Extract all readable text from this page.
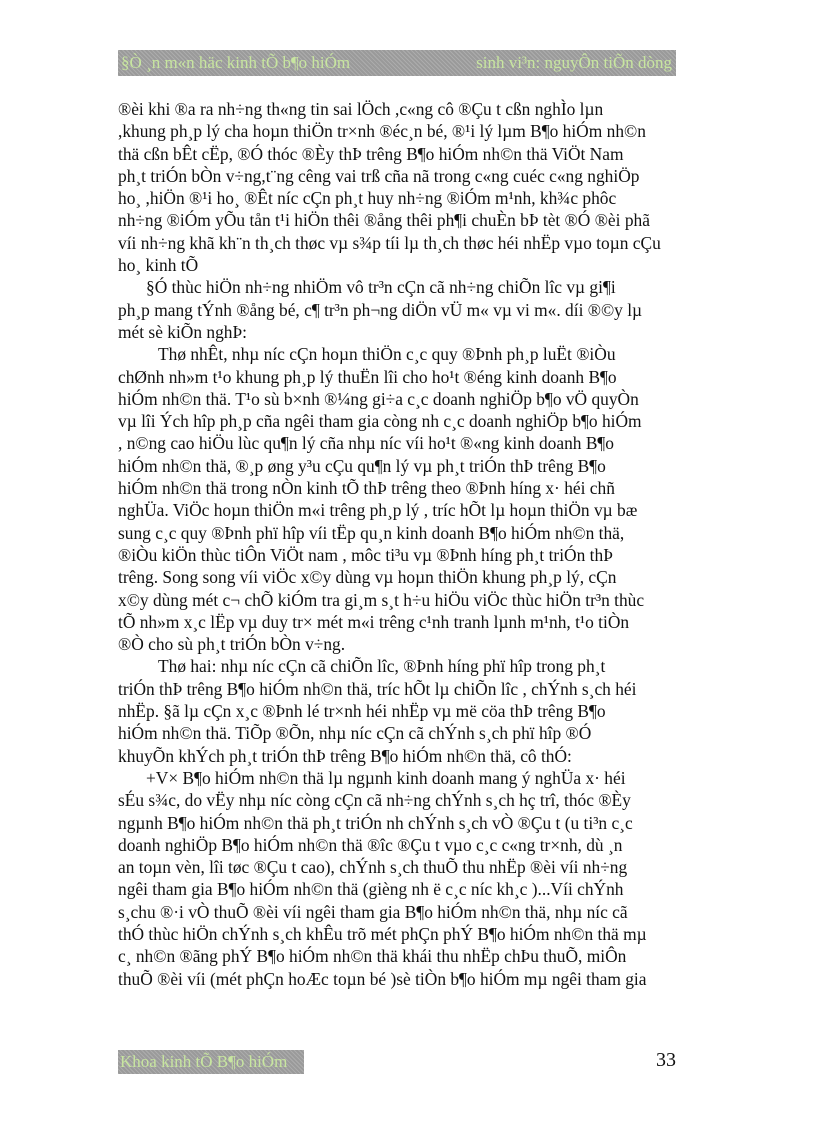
§Ò ¸n m«n häc kinh tÕ b¶o hiÓm	sinh vi³n: nguyÔn tiÕn dòng

®èi khi ®a ra nh÷ng th«ng tin sai lÖch ,c«ng cô ®Çu t cßn nghÌo lµn
,khung ph¸p lý cha hoµn thiÖn tr×nh ®éc¸n bé, ®¹i lý lµm B¶o hiÓm nh©n
thä cßn bÊt cËp, ®Ó thóc ®Èy thÞ trêng B¶o hiÓm nh©n thä ViÖt Nam
ph¸t triÓn bÒn v÷ng,t¨ng cêng vai trß cña nã trong c«ng cuéc c«ng nghiÖp
ho¸ ,hiÖn ®¹i ho¸ ®Êt níc cÇn ph¸t huy nh÷ng ®iÓm m¹nh, kh¾c phôc
nh÷ng ®iÓm yÕu tån t¹i hiÖn thêi ®ång thêi ph¶i chuÈn bÞ tèt ®Ó ®èi phã
víi nh÷ng khã kh¨n th¸ch thøc vµ s¾p tíi lµ th¸ch thøc héi nhËp vµo toµn cÇu
ho¸ kinh tÕ

§Ó thùc hiÖn nh÷ng nhiÖm vô tr³n cÇn cã nh÷ng chiÕn lîc vµ gi¶i
ph¸p mang tÝnh ®ång bé, c¶ tr³n ph¬ng diÖn vÜ m« vµ vi m«. díi ®©y lµ
mét sè kiÕn nghÞ:

Thø nhÊt, nhµ níc cÇn hoµn thiÖn c¸c quy ®Þnh ph¸p luËt ®iÒu
chØnh nh»m t¹o khung ph¸p lý thuËn lîi cho ho¹t ®éng kinh doanh B¶o
hiÓm nh©n thä. T¹o sù b×nh ®¼ng gi÷a c¸c doanh nghiÖp b¶o vÖ quyÒn
vµ lîi Ých hîp ph¸p cña ngêi tham gia còng nh c¸c doanh nghiÖp b¶o hiÓm
, n©ng cao hiÖu lùc qu¶n lý cña nhµ níc víi ho¹t ®«ng kinh doanh B¶o
hiÓm nh©n thä, ®¸p øng y³u cÇu qu¶n lý vµ ph¸t triÓn thÞ trêng B¶o
hiÓm nh©n thä trong nÒn kinh tÕ thÞ trêng theo ®Þnh híng x· héi chñ
nghÜa. ViÖc hoµn thiÖn m«i trêng ph¸p lý , tríc hÕt lµ hoµn thiÖn vµ bæ
sung c¸c quy ®Þnh phï hîp víi tËp qu¸n kinh doanh B¶o hiÓm nh©n thä,
®iÒu kiÖn thùc tiÔn ViÖt nam , môc ti³u vµ ®Þnh híng ph¸t triÓn thÞ
trêng. Song song víi viÖc x©y dùng vµ hoµn thiÖn khung ph¸p lý, cÇn
x©y dùng mét c¬ chÕ kiÓm tra gi¸m s¸t h÷u hiÖu viÖc thùc hiÖn tr³n thùc
tÕ nh»m x¸c lËp vµ duy tr× mét m«i trêng c¹nh tranh lµnh m¹nh, t¹o tiÒn
®Ò cho sù ph¸t triÓn bÒn v÷ng.

Thø hai: nhµ níc cÇn cã chiÕn lîc, ®Þnh híng phï hîp trong ph¸t
triÓn thÞ trêng B¶o hiÓm nh©n thä, tríc hÕt lµ chiÕn lîc , chÝnh s¸ch héi
nhËp. §ã lµ cÇn x¸c ®Þnh lé tr×nh héi nhËp vµ më cöa thÞ trêng B¶o
hiÓm nh©n thä. TiÕp ®Õn, nhµ níc cÇn cã chÝnh s¸ch phï hîp ®Ó
khuyÕn khÝch ph¸t triÓn thÞ trêng B¶o hiÓm nh©n thä, cô thÓ:

+V× B¶o hiÓm nh©n thä lµ ngµnh kinh doanh mang ý nghÜa x· héi
sÉu s¾c, do vËy nhµ níc còng cÇn cã nh÷ng chÝnh s¸ch hç trî, thóc ®Èy
ngµnh B¶o hiÓm nh©n thä ph¸t triÓn nh chÝnh s¸ch vÒ ®Çu t (u ti³n c¸c
doanh nghiÖp B¶o hiÓm nh©n thä ®îc ®Çu t vµo c¸c c«ng tr×nh, dù ¸n
an toµn vèn, lîi tøc ®Çu t cao), chÝnh s¸ch thuÕ thu nhËp ®èi víi nh÷ng
ngêi tham gia B¶o hiÓm nh©n thä (gièng nh ë c¸c níc kh¸c )...Víi chÝnh
s¸chu ®·i vÒ thuÕ ®èi víi ngêi tham gia B¶o hiÓm nh©n thä, nhµ níc cã
thÓ thùc hiÖn chÝnh s¸ch khÊu trõ mét phÇn phÝ B¶o hiÓm nh©n thä mµ
c¸ nh©n ®ãng phÝ B¶o hiÓm nh©n thä khái thu nhËp chÞu thuÕ, miÔn
thuÕ ®èi víi (mét phÇn hoÆc toµn bé )sè tiÒn b¶o hiÓm mµ ngêi tham gia

Khoa kinh tÕ B¶o hiÓm	33
